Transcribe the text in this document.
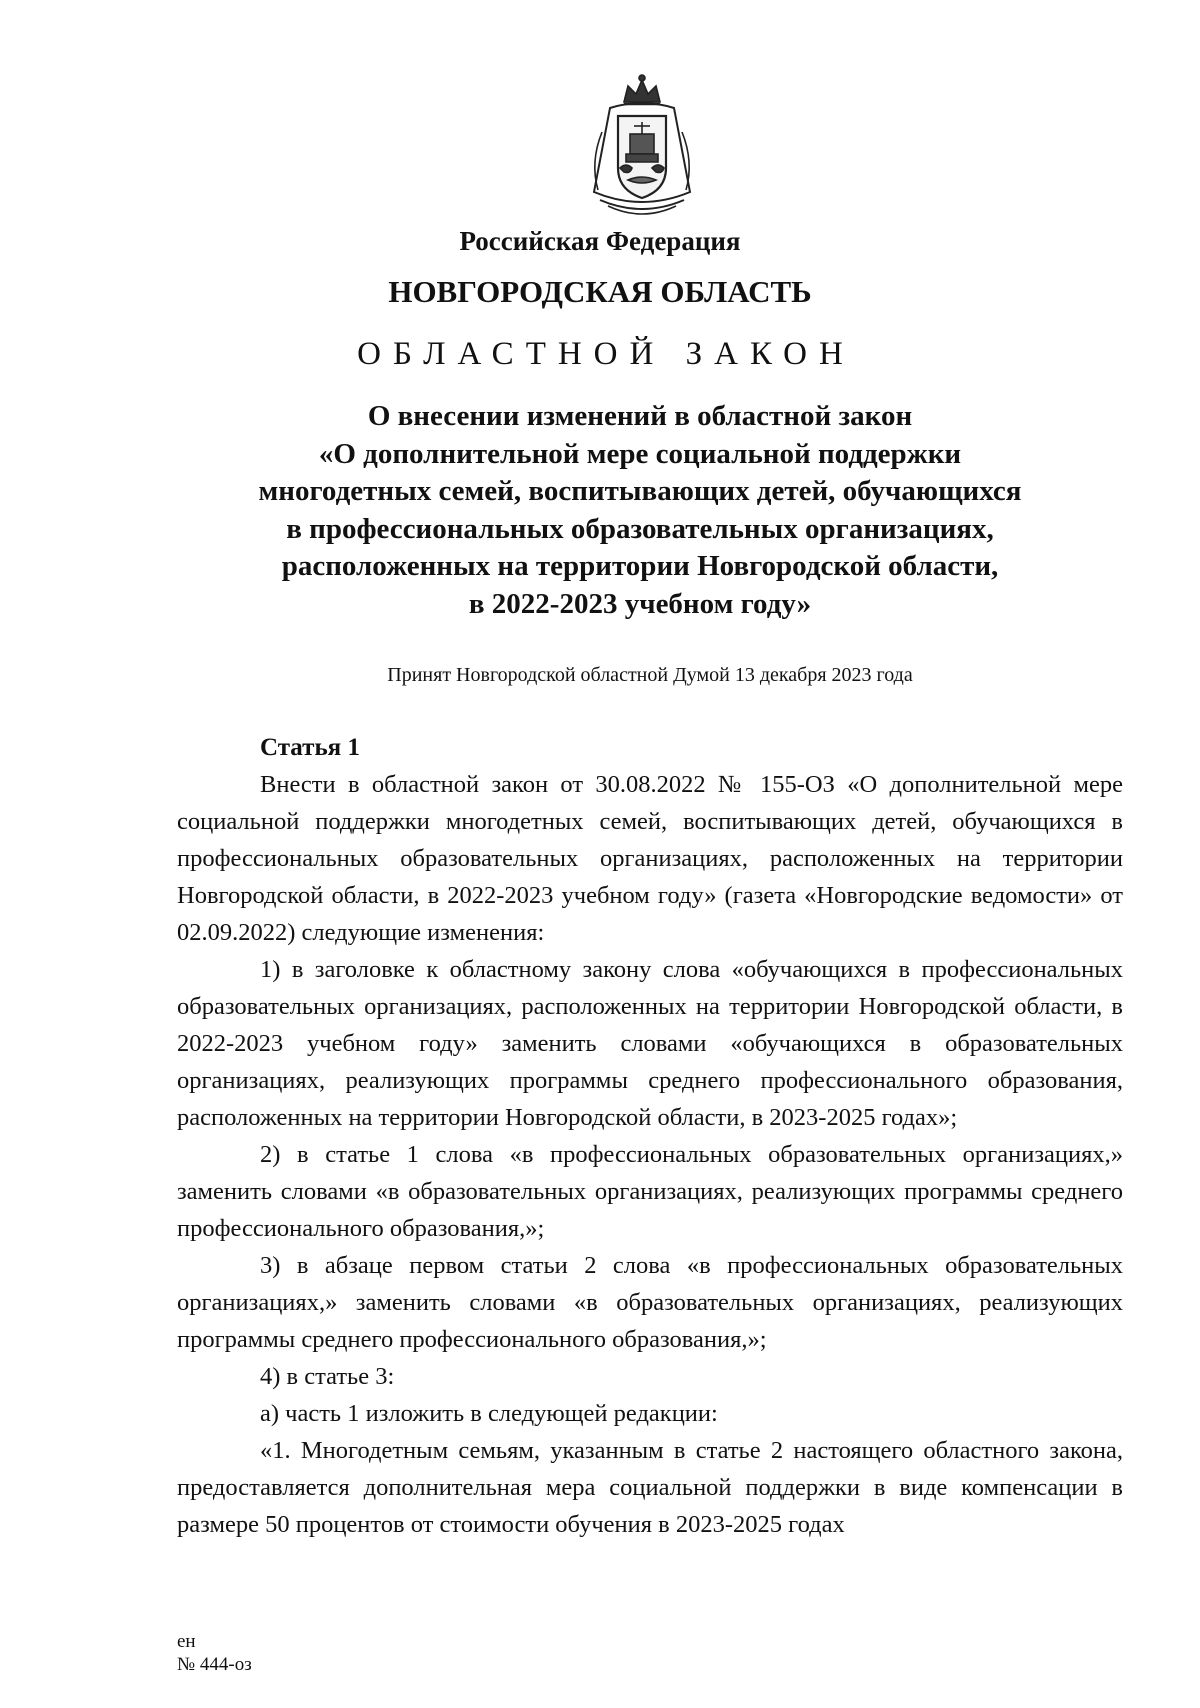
Российская Федерация
НОВГОРОДСКАЯ ОБЛАСТЬ
ОБЛАСТНОЙ ЗАКОН
О внесении изменений в областной закон
«О дополнительной мере социальной поддержки
многодетных семей, воспитывающих детей, обучающихся
в профессиональных образовательных организациях,
расположенных на территории Новгородской области,
в 2022-2023 учебном году»
Принят Новгородской областной Думой 13 декабря 2023 года
Статья 1

Внести в областной закон от 30.08.2022 № 155-ОЗ «О дополнительной мере социальной поддержки многодетных семей, воспитывающих детей, обучающихся в профессиональных образовательных организациях, расположенных на территории Новгородской области, в 2022-2023 учебном году» (газета «Новгородские ведомости» от 02.09.2022) следующие изменения:

1) в заголовке к областному закону слова «обучающихся в профессиональных образовательных организациях, расположенных на территории Новгородской области, в 2022-2023 учебном году» заменить словами «обучающихся в образовательных организациях, реализующих программы среднего профессионального образования, расположенных на территории Новгородской области, в 2023-2025 годах»;

2) в статье 1 слова «в профессиональных образовательных организациях,» заменить словами «в образовательных организациях, реализующих программы среднего профессионального образования,»;

3) в абзаце первом статьи 2 слова «в профессиональных образовательных организациях,» заменить словами «в образовательных организациях, реализующих программы среднего профессионального образования,»;

4) в статье 3:

а) часть 1 изложить в следующей редакции:

«1. Многодетным семьям, указанным в статье 2 настоящего областного закона, предоставляется дополнительная мера социальной поддержки в виде компенсации в размере 50 процентов от стоимости обучения в 2023-2025 годах

ен
№ 444-оз
